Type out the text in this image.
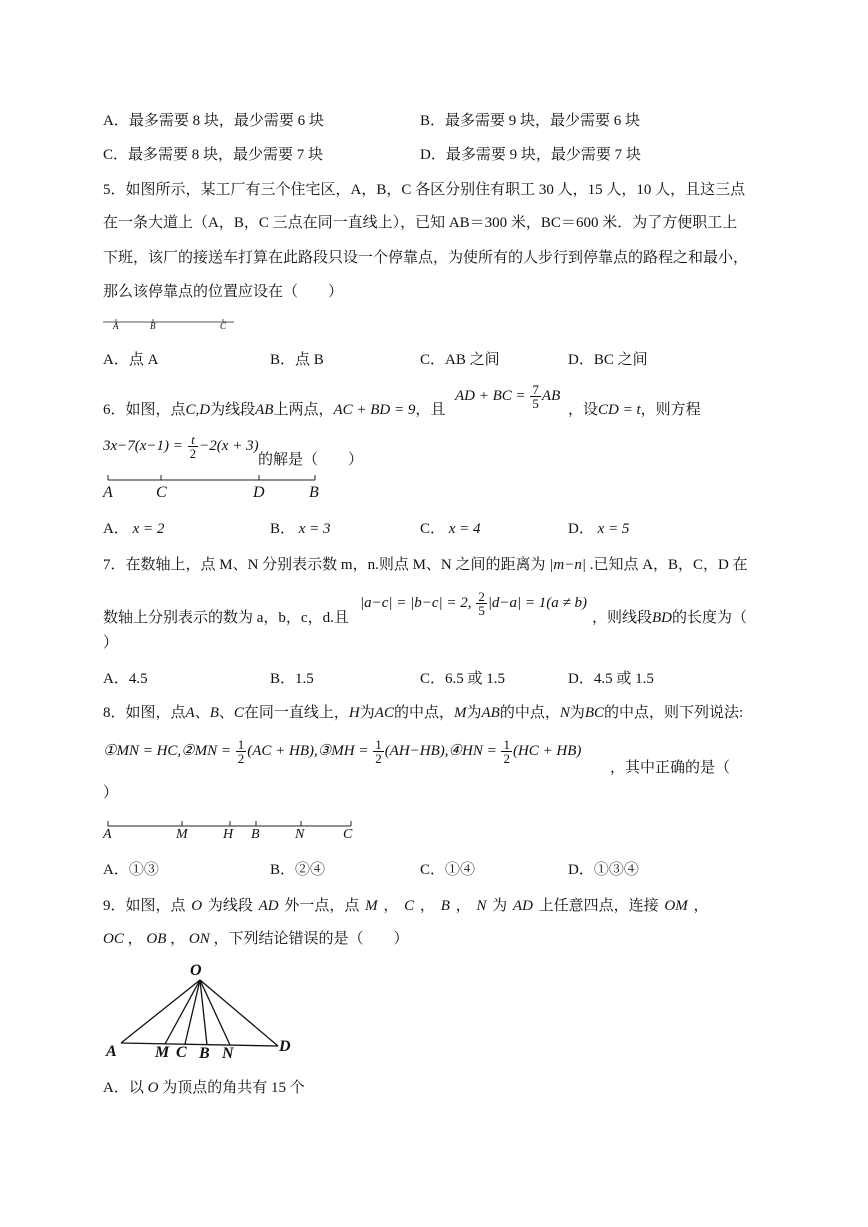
A．最多需要 8 块，最少需要 6 块	B．最多需要 9 块，最少需要 6 块
C．最多需要 8 块，最少需要 7 块	D．最多需要 9 块，最少需要 7 块
5．如图所示，某工厂有三个住宅区，A，B，C 各区分别住有职工 30 人，15 人，10 人，且这三点
在一条大道上（A，B，C 三点在同一直线上），已知 AB＝300 米，BC＝600 米．为了方便职工上
下班，该厂的接送车打算在此路段只设一个停靠点，为使所有的人步行到停靠点的路程之和最小，
那么该停靠点的位置应设在（　　）
A	B	C
A．点 A	B．点 B	C．AB 之间	D．BC 之间
6．如图，点C,D为线段AB上两点，AC + BD = 9，且
AD + BC = $\frac{7}{5}$ AB
，设CD = t，则方程
$3x-7(x-1) = \frac{t}{2} -2(x + 3)$
的解是（　　）
A	C	D	B
A． x = 2	B． x = 3	C． x = 4	D． x = 5
7．在数轴上，点 M、N 分别表示数 m，n.则点 M、N 之间的距离为 |m−n| .已知点 A，B，C，D 在
数轴上分别表示的数为 a，b，c，d.且
|a−c| = |b−c| = 2, $\frac{2}{5} |d-a| = 1(a \ne b)$
，则线段BD的长度为（
）
A．4.5	B．1.5	C．6.5 或 1.5	D．4.5 或 1.5
8．如图，点A、B、C在同一直线上，H为AC的中点，M为AB的中点，N为BC的中点，则下列说法:
①MN = HC,②MN = $\frac{1}{2} (AC$ + HB),③MH = $\frac{1}{2}$ (AH−HB),④HN = $\frac{1}{2} (HC + HB)$
，其中正确的是（
）
A	M	H B	N	C
A．①③	B．②④	C．①④	D．①③④
9．如图，点 O 为线段 AD 外一点，点 M ， C ， B ， N 为 AD 上任意四点，连接 OM ，
OC ， OB ， ON ，下列结论错误的是（　　）
O
A M C B N	D
A．以 O 为顶点的角共有 15 个
